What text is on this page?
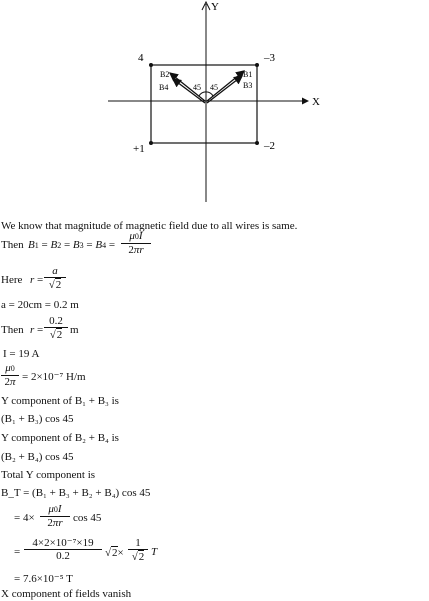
Y
X
4	–3
+1	–2
B1
B3
B2
B4	45 45
We know that magnitude of magnetic field due to all wires is same.
Then $B1 = B2 = B3 = B4 = \frac{\mu 0I}{2\pi r}$
Here $r = \frac{a}{√2}$
a = 20cm = 0.2 m
Then $r = \frac{0.2}{√2}$ m
I = 19 A
$\frac{\mu 0}{2\pi} = 2\times 10^{-7}$ H/m
Y component of B₁ + B₃ is
(B₁ + B₃) cos 45
Y component of B₂ + B₄ is
(B₂ + B₄) cos 45
Total Y component is
B_T = (B₁ + B₃ + B₂ + B₄) cos 45
= $4\times \frac{\mu 0I}{2\pi r}$ cos 45
= $\frac{\text{4×2×10⁻⁷×19}}{0.2} √2\times \frac{1}{√2}$ T
= 7.6×10⁻⁵ T
X component of fields vanish
